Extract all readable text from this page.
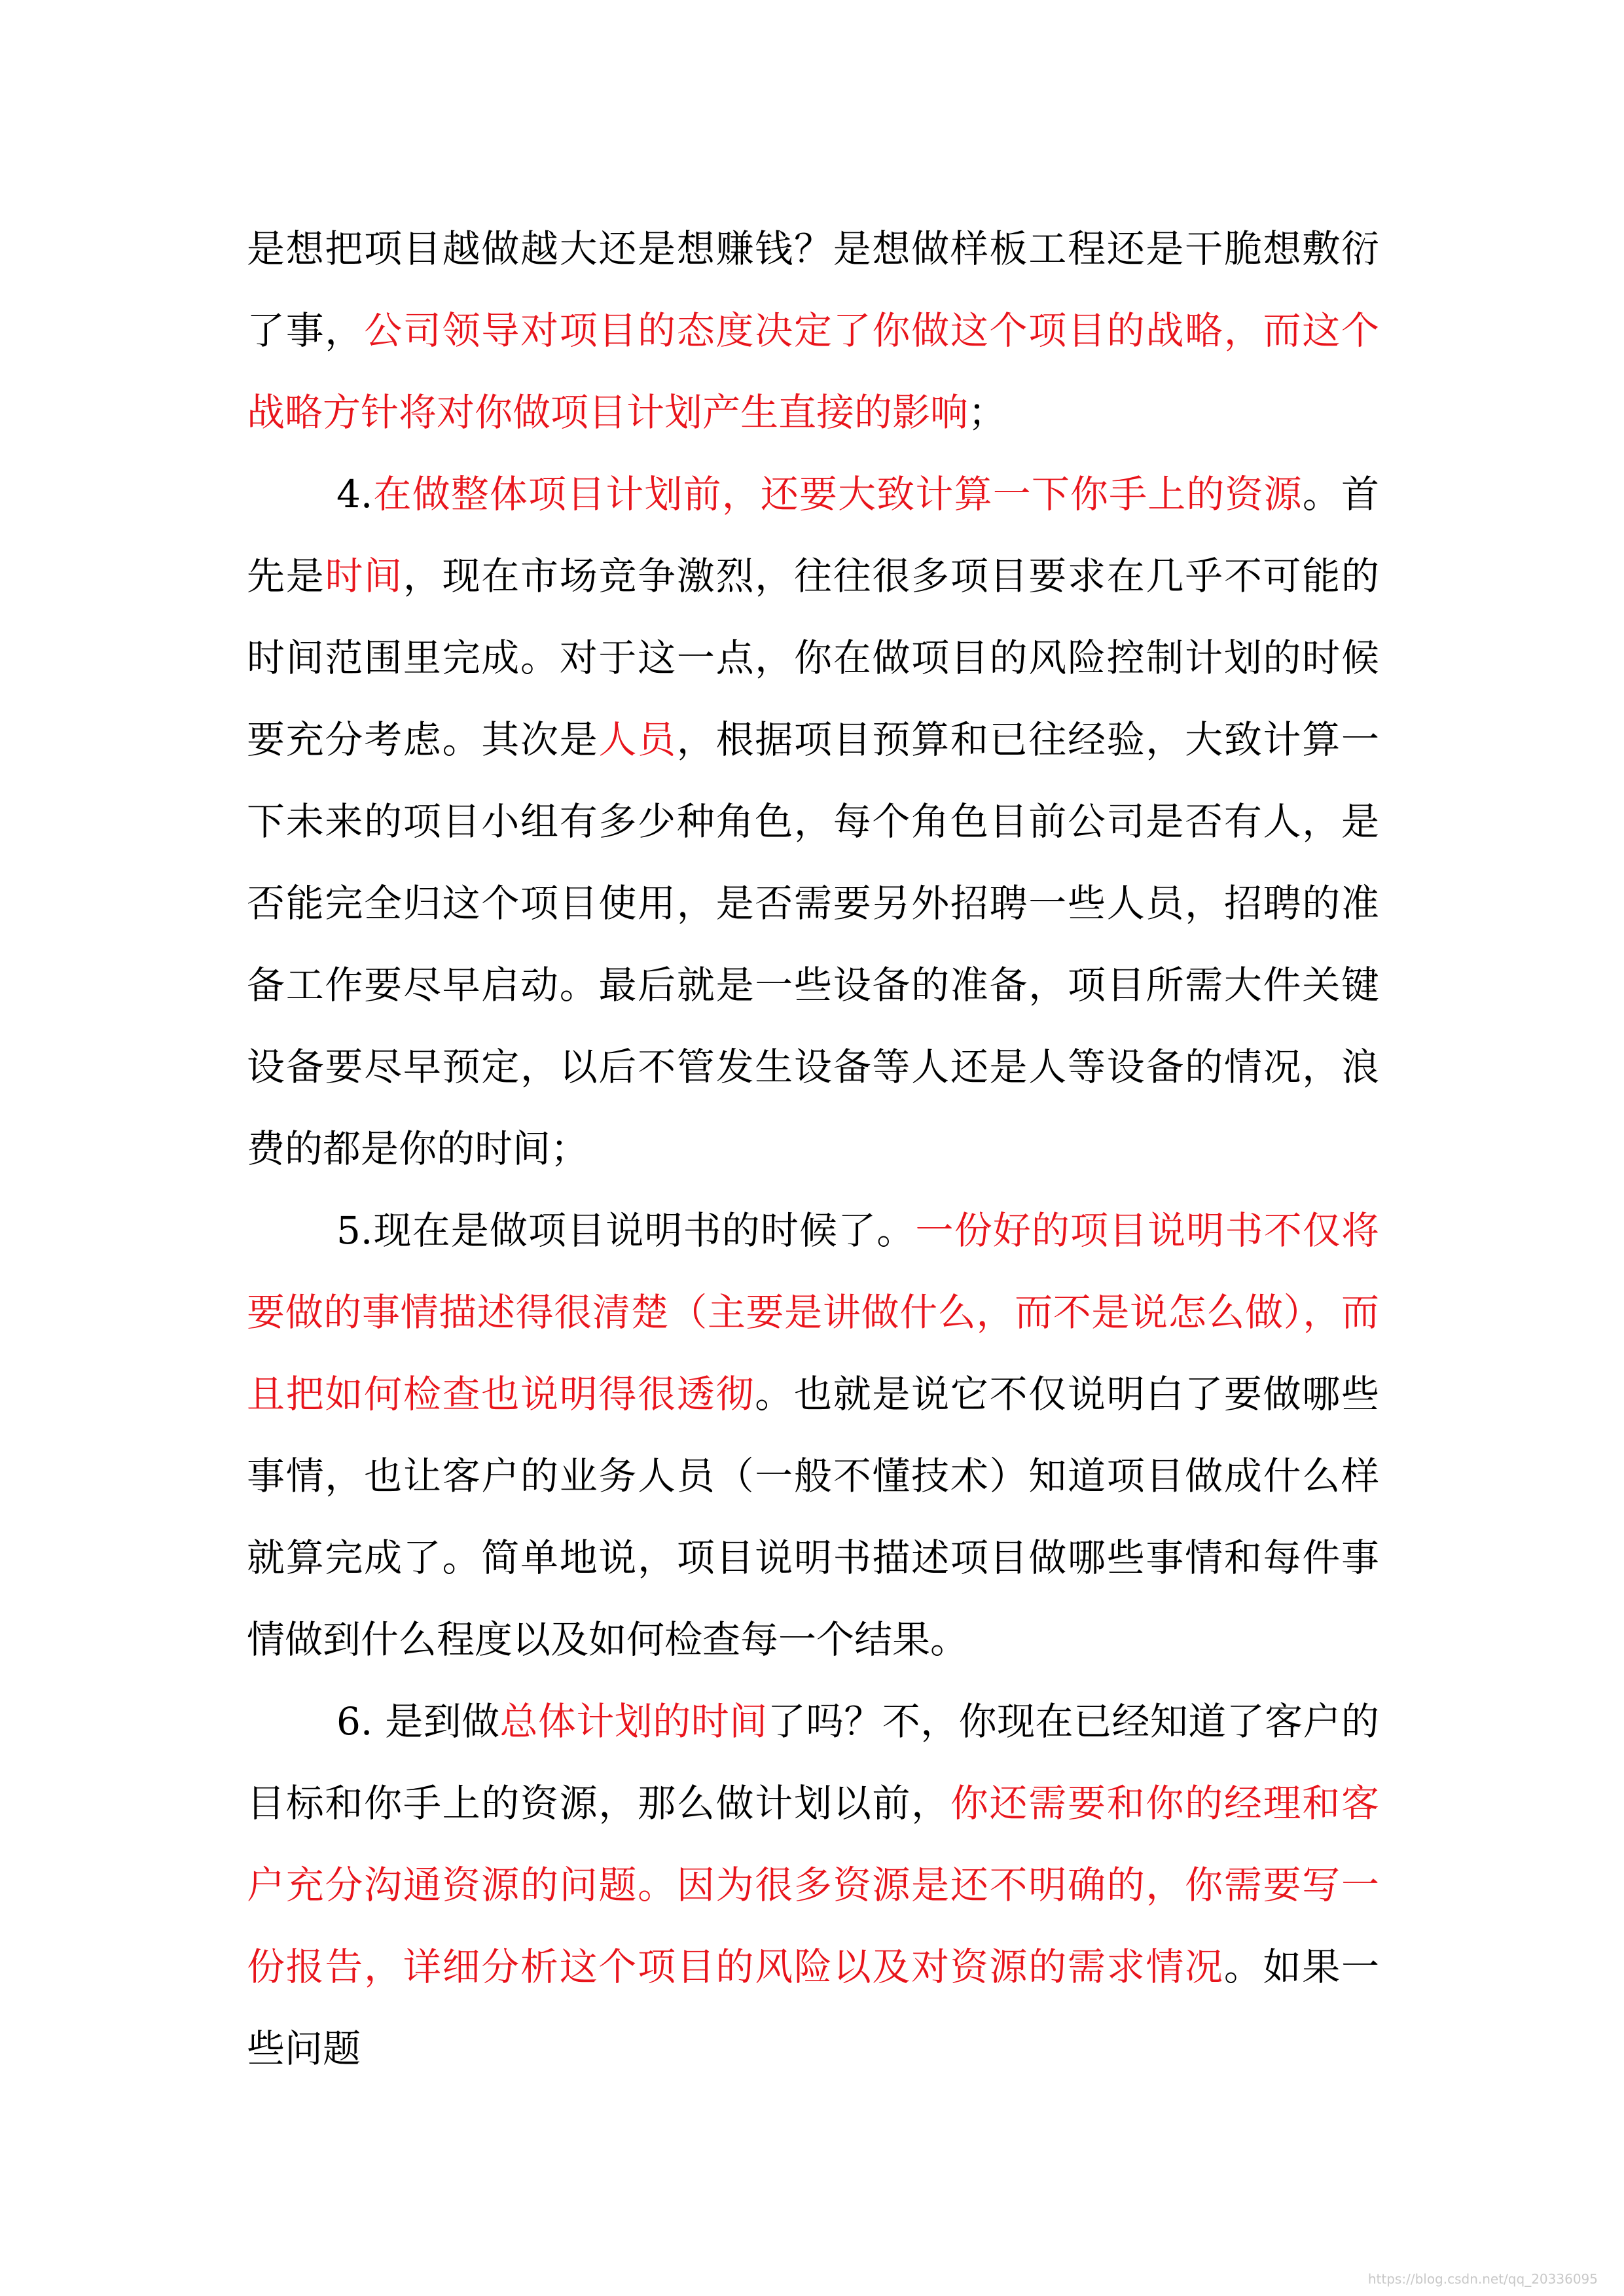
是想把项目越做越大还是想赚钱？是想做样板工程还是干脆想敷衍了事，公司领导对项目的态度决定了你做这个项目的战略，而这个战略方针将对你做项目计划产生直接的影响；

4.在做整体项目计划前，还要大致计算一下你手上的资源。首先是时间，现在市场竞争激烈，往往很多项目要求在几乎不可能的时间范围里完成。对于这一点，你在做项目的风险控制计划的时候要充分考虑。其次是人员，根据项目预算和已往经验，大致计算一下未来的项目小组有多少种角色，每个角色目前公司是否有人，是否能完全归这个项目使用，是否需要另外招聘一些人员，招聘的准备工作要尽早启动。最后就是一些设备的准备，项目所需大件关键设备要尽早预定，以后不管发生设备等人还是人等设备的情况，浪费的都是你的时间；

5.现在是做项目说明书的时候了。一份好的项目说明书不仅将要做的事情描述得很清楚（主要是讲做什么，而不是说怎么做），而且把如何检查也说明得很透彻。也就是说它不仅说明白了要做哪些事情，也让客户的业务人员（一般不懂技术）知道项目做成什么样就算完成了。简单地说，项目说明书描述项目做哪些事情和每件事情做到什么程度以及如何检查每一个结果。

6. 是到做总体计划的时间了吗？不，你现在已经知道了客户的目标和你手上的资源，那么做计划以前，你还需要和你的经理和客户充分沟通资源的问题。因为很多资源是还不明确的，你需要写一份报告，详细分析这个项目的风险以及对资源的需求情况。如果一些问题

https://blog.csdn.net/qq_20336095
